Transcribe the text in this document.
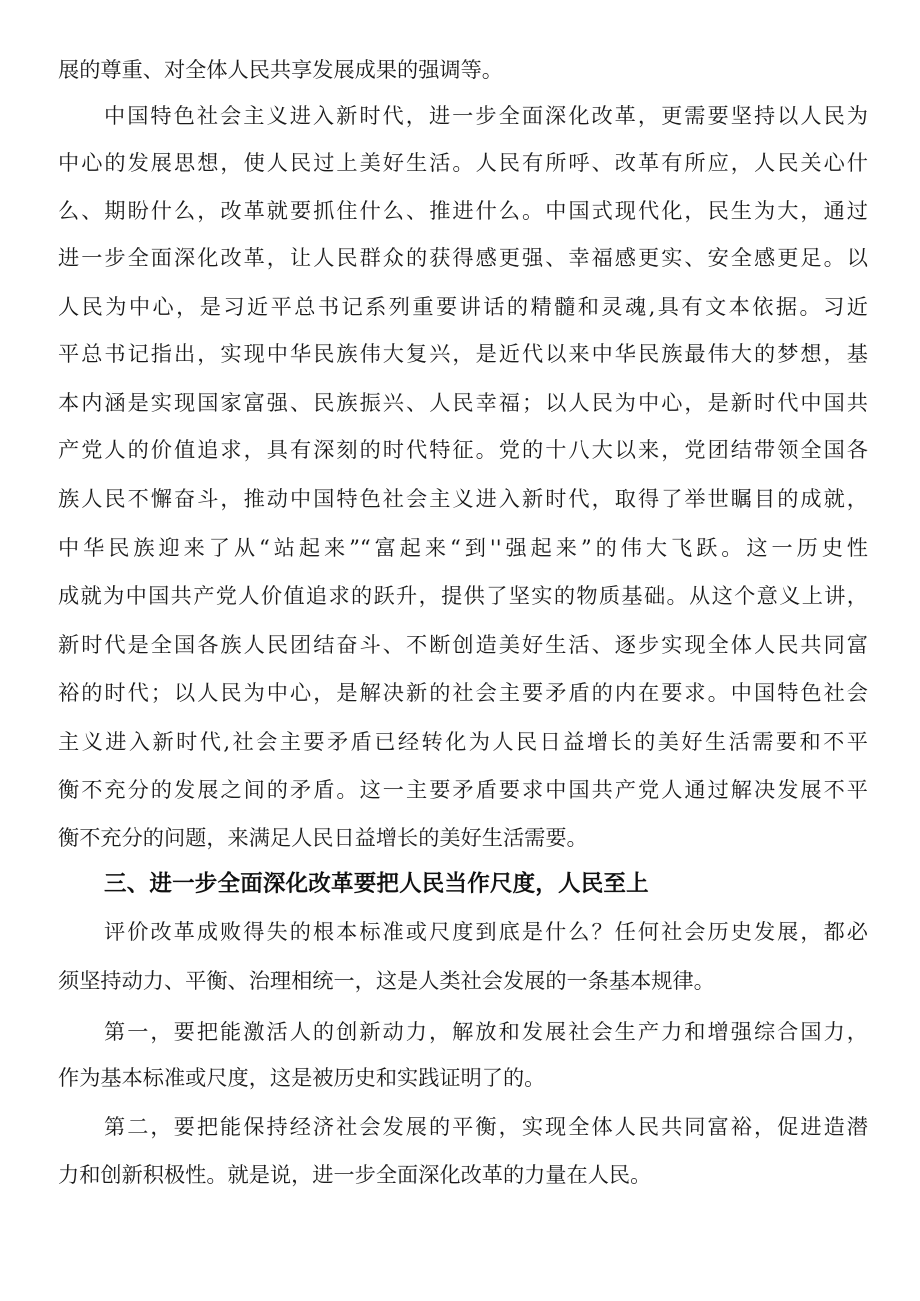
展的尊重、对全体人民共享发展成果的强调等。
中国特色社会主义进入新时代，进一步全面深化改革，更需要坚持以人民为
中心的发展思想，使人民过上美好生活。人民有所呼、改革有所应，人民关心什
么、期盼什么，改革就要抓住什么、推进什么。中国式现代化，民生为大，通过
进一步全面深化改革，让人民群众的获得感更强、幸福感更实、安全感更足。以
人民为中心，是习近平总书记系列重要讲话的精髓和灵魂,具有文本依据。习近
平总书记指出，实现中华民族伟大复兴，是近代以来中华民族最伟大的梦想，基
本内涵是实现国家富强、民族振兴、人民幸福；以人民为中心，是新时代中国共
产党人的价值追求，具有深刻的时代特征。党的十八大以来，党团结带领全国各
族人民不懈奋斗，推动中国特色社会主义进入新时代，取得了举世瞩目的成就，
中华民族迎来了从“站起来”“富起来“到''强起来”的伟大飞跃。这一历史性
成就为中国共产党人价值追求的跃升，提供了坚实的物质基础。从这个意义上讲，
新时代是全国各族人民团结奋斗、不断创造美好生活、逐步实现全体人民共同富
裕的时代；以人民为中心，是解决新的社会主要矛盾的内在要求。中国特色社会
主义进入新时代,社会主要矛盾已经转化为人民日益增长的美好生活需要和不平
衡不充分的发展之间的矛盾。这一主要矛盾要求中国共产党人通过解决发展不平
衡不充分的问题，来满足人民日益增长的美好生活需要。
三、进一步全面深化改革要把人民当作尺度，人民至上
评价改革成败得失的根本标准或尺度到底是什么？任何社会历史发展，都必
须坚持动力、平衡、治理相统一，这是人类社会发展的一条基本规律。
第一，要把能激活人的创新动力，解放和发展社会生产力和增强综合国力，
作为基本标准或尺度，这是被历史和实践证明了的。
第二，要把能保持经济社会发展的平衡，实现全体人民共同富裕，促进造潜
力和创新积极性。就是说，进一步全面深化改革的力量在人民。
